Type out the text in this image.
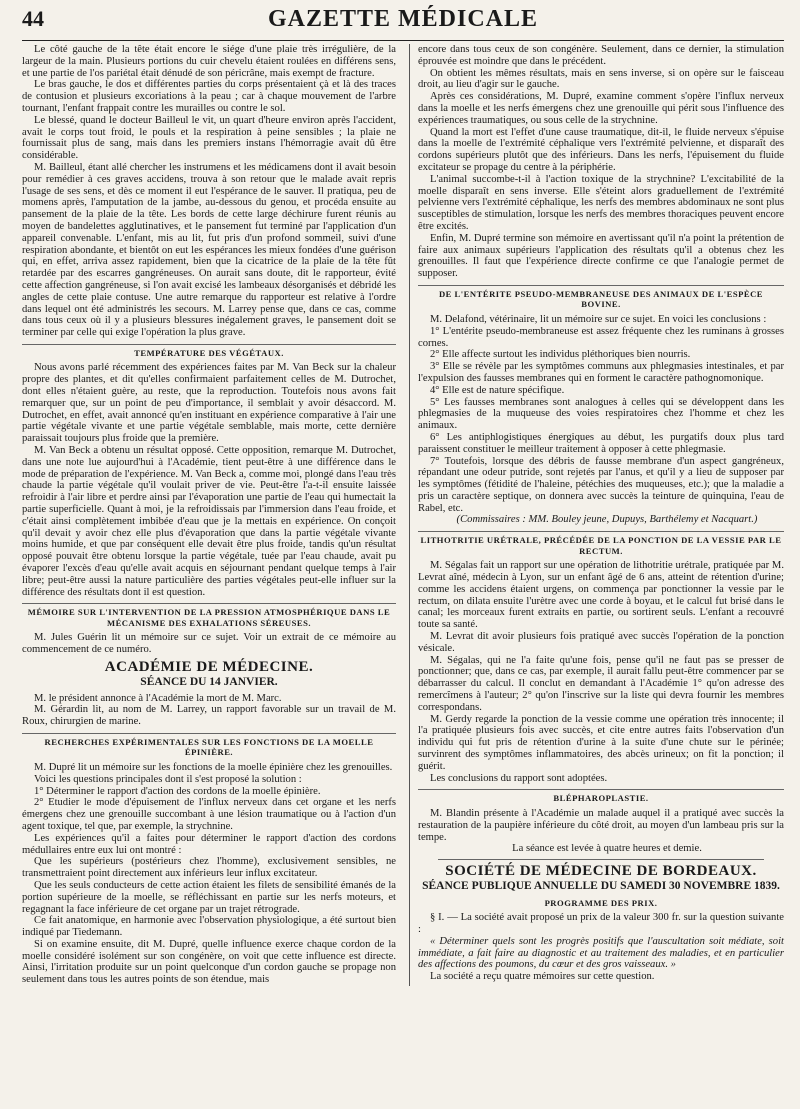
44	GAZETTE MÉDICALE

Le côté gauche de la tête était encore le siége d'une plaie très irrégulière, de la largeur de la main. Plusieurs portions du cuir chevelu étaient roulées en différens sens, et une partie de l'os pariétal était dénudé de son péricrâne, mais exempt de fracture.

Le bras gauche, le dos et différentes parties du corps présentaient çà et là des traces de contusion et plusieurs excoriations à la peau ; car à chaque mouvement de l'arbre tournant, l'enfant frappait contre les murailles ou contre le sol.

Le blessé, quand le docteur Bailleul le vit, un quart d'heure environ après l'accident, avait le corps tout froid, le pouls et la respiration à peine sensibles ; la plaie ne fournissait plus de sang, mais dans les premiers instans l'hémorragie avait dû être considérable.

M. Bailleul, étant allé chercher les instrumens et les médicamens dont il avait besoin pour remédier à ces graves accidens, trouva à son retour que le malade avait repris l'usage de ses sens, et dès ce moment il eut l'espérance de le sauver. Il pratiqua, peu de momens après, l'amputation de la jambe, au-dessous du genou, et procéda ensuite au pansement de la plaie de la tête. Les bords de cette large déchirure furent réunis au moyen de bandelettes agglutinatives, et le pansement fut terminé par l'application d'un appareil convenable. L'enfant, mis au lit, fut pris d'un profond sommeil, suivi d'une respiration abondante, et bientôt on eut les espérances les mieux fondées d'une guérison qui, en effet, arriva assez rapidement, bien que la cicatrice de la plaie de la tête fût retardée par des escarres gangréneuses. On aurait sans doute, dit le rapporteur, évité cette affection gangréneuse, si l'on avait excisé les lambeaux désorganisés et débridé les angles de cette plaie contuse. Une autre remarque du rapporteur est relative à l'ordre dans lequel ont été administrés les secours. M. Larrey pense que, dans ce cas, comme dans tous ceux où il y a plusieurs blessures inégalement graves, le pansement doit se terminer par celle qui exige l'opération la plus grave.

TEMPÉRATURE DES VÉGÉTAUX.

Nous avons parlé récemment des expériences faites par M. Van Beck sur la chaleur propre des plantes, et dit qu'elles confirmaient parfaitement celles de M. Dutrochet, dont elles n'étaient guère, au reste, que la reproduction. Toutefois nous avons fait remarquer que, sur un point de peu d'importance, il semblait y avoir désaccord. M. Dutrochet, en effet, avait annoncé qu'en instituant en expérience comparative à l'air une partie végétale vivante et une partie végétale semblable, mais morte, cette dernière paraissait toujours plus froide que la première.

M. Van Beck a obtenu un résultat opposé. Cette opposition, remarque M. Dutrochet, dans une note lue aujourd'hui à l'Académie, tient peut-être à une différence dans le mode de préparation de l'expérience. M. Van Beck a, comme moi, plongé dans l'eau très chaude la partie végétale qu'il voulait priver de vie. Peut-être l'a-t-il ensuite laissée refroidir à l'air libre et perdre ainsi par l'évaporation une partie de l'eau qui humectait la partie superficielle. Quant à moi, je la refroidissais par l'immersion dans l'eau froide, et c'était ainsi complètement imbibée d'eau que je la mettais en expérience. On conçoit qu'il devait y avoir chez elle plus d'évaporation que dans la partie végétale vivante moins humide, et que par conséquent elle devait être plus froide, tandis qu'un résultat opposé pouvait être obtenu lorsque la partie végétale, tuée par l'eau chaude, avait pu évaporer l'excès d'eau qu'elle avait acquis en séjournant pendant quelque temps à l'air libre; peut-être aussi la nature particulière des parties végétales peut-elle influer sur la différence des résultats dont il est question.

MÉMOIRE SUR L'INTERVENTION DE LA PRESSION ATMOSPHÉRIQUE DANS LE MÉCANISME DES EXHALATIONS SÉREUSES.

M. Jules Guérin lit un mémoire sur ce sujet. Voir un extrait de ce mémoire au commencement de ce numéro.

ACADÉMIE DE MÉDECINE.
SÉANCE DU 14 JANVIER.

M. le président annonce à l'Académie la mort de M. Marc.

M. Gérardin lit, au nom de M. Larrey, un rapport favorable sur un travail de M. Roux, chirurgien de marine.

RECHERCHES EXPÉRIMENTALES SUR LES FONCTIONS DE LA MOELLE ÉPINIÈRE.

M. Dupré lit un mémoire sur les fonctions de la moelle épinière chez les grenouilles.

Voici les questions principales dont il s'est proposé la solution :

1° Déterminer le rapport d'action des cordons de la moelle épinière.

2° Etudier le mode d'épuisement de l'influx nerveux dans cet organe et les nerfs émergens chez une grenouille succombant à une lésion traumatique ou à l'action d'un agent toxique, tel que, par exemple, la strychnine.

Les expériences qu'il a faites pour déterminer le rapport d'action des cordons médullaires entre eux lui ont montré :

Que les supérieurs (postérieurs chez l'homme), exclusivement sensibles, ne transmettraient point directement aux inférieurs leur influx excitateur.

Que les seuls conducteurs de cette action étaient les filets de sensibilité émanés de la portion supérieure de la moelle, se réfléchissant en partie sur les nerfs moteurs, et regagnant la face inférieure de cet organe par un trajet rétrograde.

Ce fait anatomique, en harmonie avec l'observation physiologique, a été surtout bien indiqué par Tiedemann.

Si on examine ensuite, dit M. Dupré, quelle influence exerce chaque cordon de la moelle considéré isolément sur son congénère, on voit que cette influence est directe. Ainsi, l'irritation produite sur un point quelconque d'un cordon gauche se propage non seulement dans tous les autres points de son étendue, mais

encore dans tous ceux de son congénère. Seulement, dans ce dernier, la stimulation éprouvée est moindre que dans le précédent.

On obtient les mêmes résultats, mais en sens inverse, si on opère sur le faisceau droit, au lieu d'agir sur le gauche.

Après ces considérations, M. Dupré, examine comment s'opère l'influx nerveux dans la moelle et les nerfs émergens chez une grenouille qui périt sous l'influence des expériences traumatiques, ou sous celle de la strychnine.

Quand la mort est l'effet d'une cause traumatique, dit-il, le fluide nerveux s'épuise dans la moelle de l'extrémité céphalique vers l'extrémité pelvienne, et disparaît des cordons supérieurs plutôt que des inférieurs. Dans les nerfs, l'épuisement du fluide excitateur se propage du centre à la périphérie.

L'animal succombe-t-il à l'action toxique de la strychnine? L'excitabilité de la moelle disparaît en sens inverse. Elle s'éteint alors graduellement de l'extrémité pelvienne vers l'extrémité céphalique, les nerfs des membres abdominaux ne sont plus susceptibles de stimulation, lorsque les nerfs des membres thoraciques peuvent encore être excités.

Enfin, M. Dupré termine son mémoire en avertissant qu'il n'a point la prétention de faire aux animaux supérieurs l'application des résultats qu'il a obtenus chez les grenouilles. Il faut que l'expérience directe confirme ce que l'analogie permet de supposer.

DE L'ENTÉRITE PSEUDO-MEMBRANEUSE DES ANIMAUX DE L'ESPÈCE BOVINE.

M. Delafond, vétérinaire, lit un mémoire sur ce sujet. En voici les conclusions :

1° L'entérite pseudo-membraneuse est assez fréquente chez les ruminans à grosses cornes.

2° Elle affecte surtout les individus pléthoriques bien nourris.

3° Elle se révèle par les symptômes communs aux phlegmasies intestinales, et par l'expulsion des fausses membranes qui en forment le caractère pathognomonique.

4° Elle est de nature spécifique.

5° Les fausses membranes sont analogues à celles qui se développent dans les phlegmasies de la muqueuse des voies respiratoires chez l'homme et chez les animaux.

6° Les antiphlogistiques énergiques au début, les purgatifs doux plus tard paraissent constituer le meilleur traitement à opposer à cette phlegmasie.

7° Toutefois, lorsque des débris de fausse membrane d'un aspect gangréneux, répandant une odeur putride, sont rejetés par l'anus, et qu'il y a lieu de supposer par les symptômes (fétidité de l'haleine, pétéchies des muqueuses, etc.); que la maladie a pris un caractère septique, on donnera avec succès la teinture de quinquina, l'eau de Rabel, etc.

(Commissaires : MM. Bouley jeune, Dupuys, Barthélemy et Nacquart.)

LITHOTRITIE URÉTRALE, PRÉCÉDÉE DE LA PONCTION DE LA VESSIE PAR LE RECTUM.

M. Ségalas fait un rapport sur une opération de lithotritie urétrale, pratiquée par M. Levrat aîné, médecin à Lyon, sur un enfant âgé de 6 ans, atteint de rétention d'urine; comme les accidens étaient urgens, on commença par ponctionner la vessie par le rectum, on dilata ensuite l'urètre avec une corde à boyau, et le calcul fut brisé dans le canal; les morceaux furent extraits en partie, ou sortirent seuls. L'enfant a recouvré toute sa santé.

M. Levrat dit avoir plusieurs fois pratiqué avec succès l'opération de la ponction vésicale.

M. Ségalas, qui ne l'a faite qu'une fois, pense qu'il ne faut pas se presser de ponctionner; que, dans ce cas, par exemple, il aurait fallu peut-être commencer par se débarrasser du calcul. Il conclut en demandant à l'Académie 1° qu'on adresse des remercîmens à l'auteur; 2° qu'on l'inscrive sur la liste qui devra fournir les membres correspondans.

M. Gerdy regarde la ponction de la vessie comme une opération très innocente; il l'a pratiquée plusieurs fois avec succès, et cite entre autres faits l'observation d'un individu qui fut pris de rétention d'urine à la suite d'une chute sur le périnée; survinrent des symptômes inflammatoires, des abcès urineux; on fit la ponction; il guérit.

Les conclusions du rapport sont adoptées.

BLÉPHAROPLASTIE.

M. Blandin présente à l'Académie un malade auquel il a pratiqué avec succès la restauration de la paupière inférieure du côté droit, au moyen d'un lambeau pris sur la tempe.

La séance est levée à quatre heures et demie.

SOCIÉTÉ DE MÉDECINE DE BORDEAUX.
SÉANCE PUBLIQUE ANNUELLE DU SAMEDI 30 NOVEMBRE 1839.
PROGRAMME DES PRIX.

§ I. — La société avait proposé un prix de la valeur 300 fr. sur la question suivante :

« Déterminer quels sont les progrès positifs que l'auscultation soit médiate, soit immédiate, a fait faire au diagnostic et au traitement des maladies, et en particulier des affections des poumons, du cœur et des gros vaisseaux. »

La société a reçu quatre mémoires sur cette question.
